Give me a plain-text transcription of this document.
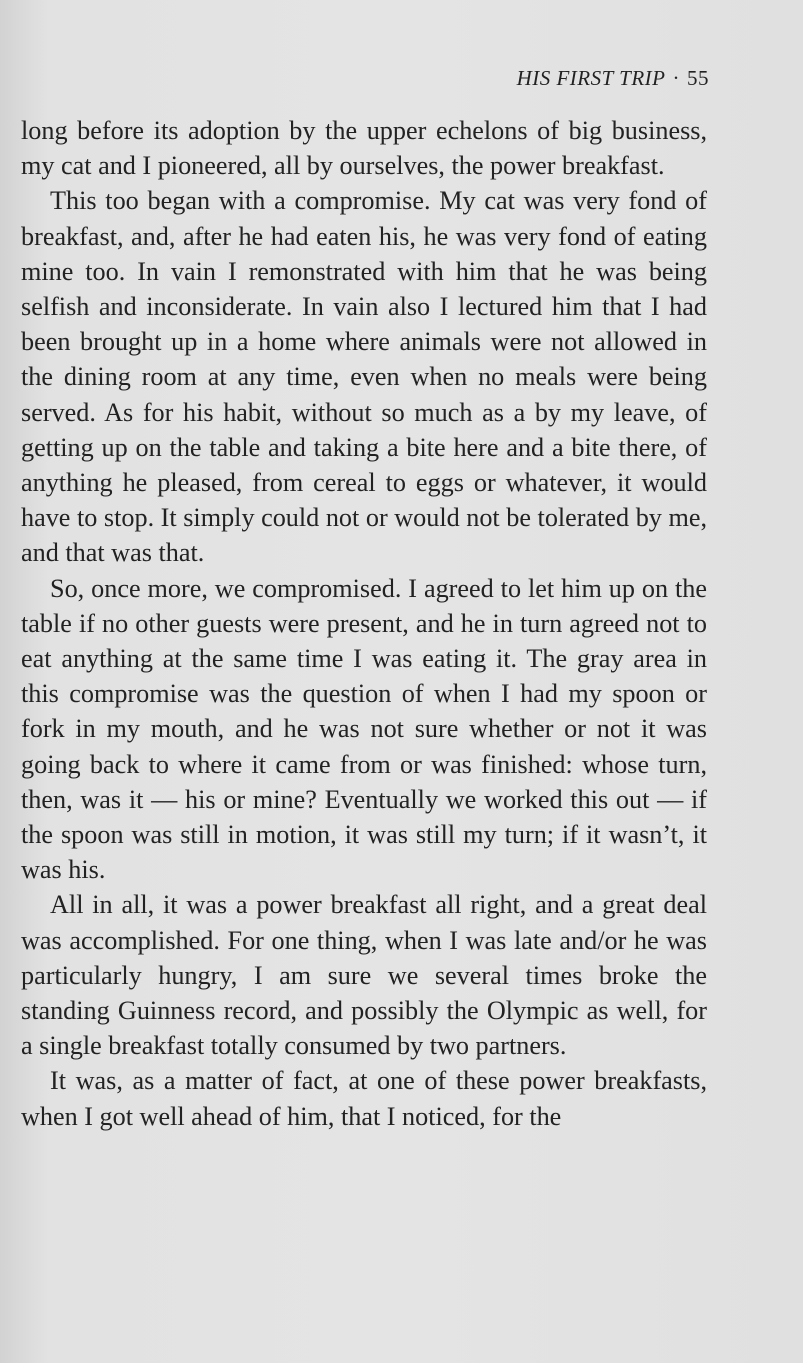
HIS FIRST TRIP · 55

long before its adoption by the upper echelons of big business, my cat and I pioneered, all by ourselves, the power breakfast.

This too began with a compromise. My cat was very fond of breakfast, and, after he had eaten his, he was very fond of eating mine too. In vain I remonstrated with him that he was being selfish and inconsiderate. In vain also I lectured him that I had been brought up in a home where animals were not allowed in the dining room at any time, even when no meals were being served. As for his habit, without so much as a by my leave, of getting up on the table and taking a bite here and a bite there, of anything he pleased, from cereal to eggs or whatever, it would have to stop. It simply could not or would not be tolerated by me, and that was that.

So, once more, we compromised. I agreed to let him up on the table if no other guests were present, and he in turn agreed not to eat anything at the same time I was eating it. The gray area in this compromise was the question of when I had my spoon or fork in my mouth, and he was not sure whether or not it was going back to where it came from or was finished: whose turn, then, was it — his or mine? Eventually we worked this out — if the spoon was still in motion, it was still my turn; if it wasn’t, it was his.

All in all, it was a power breakfast all right, and a great deal was accomplished. For one thing, when I was late and/or he was particularly hungry, I am sure we several times broke the standing Guinness record, and possibly the Olympic as well, for a single breakfast totally consumed by two partners.

It was, as a matter of fact, at one of these power breakfasts, when I got well ahead of him, that I noticed, for the
